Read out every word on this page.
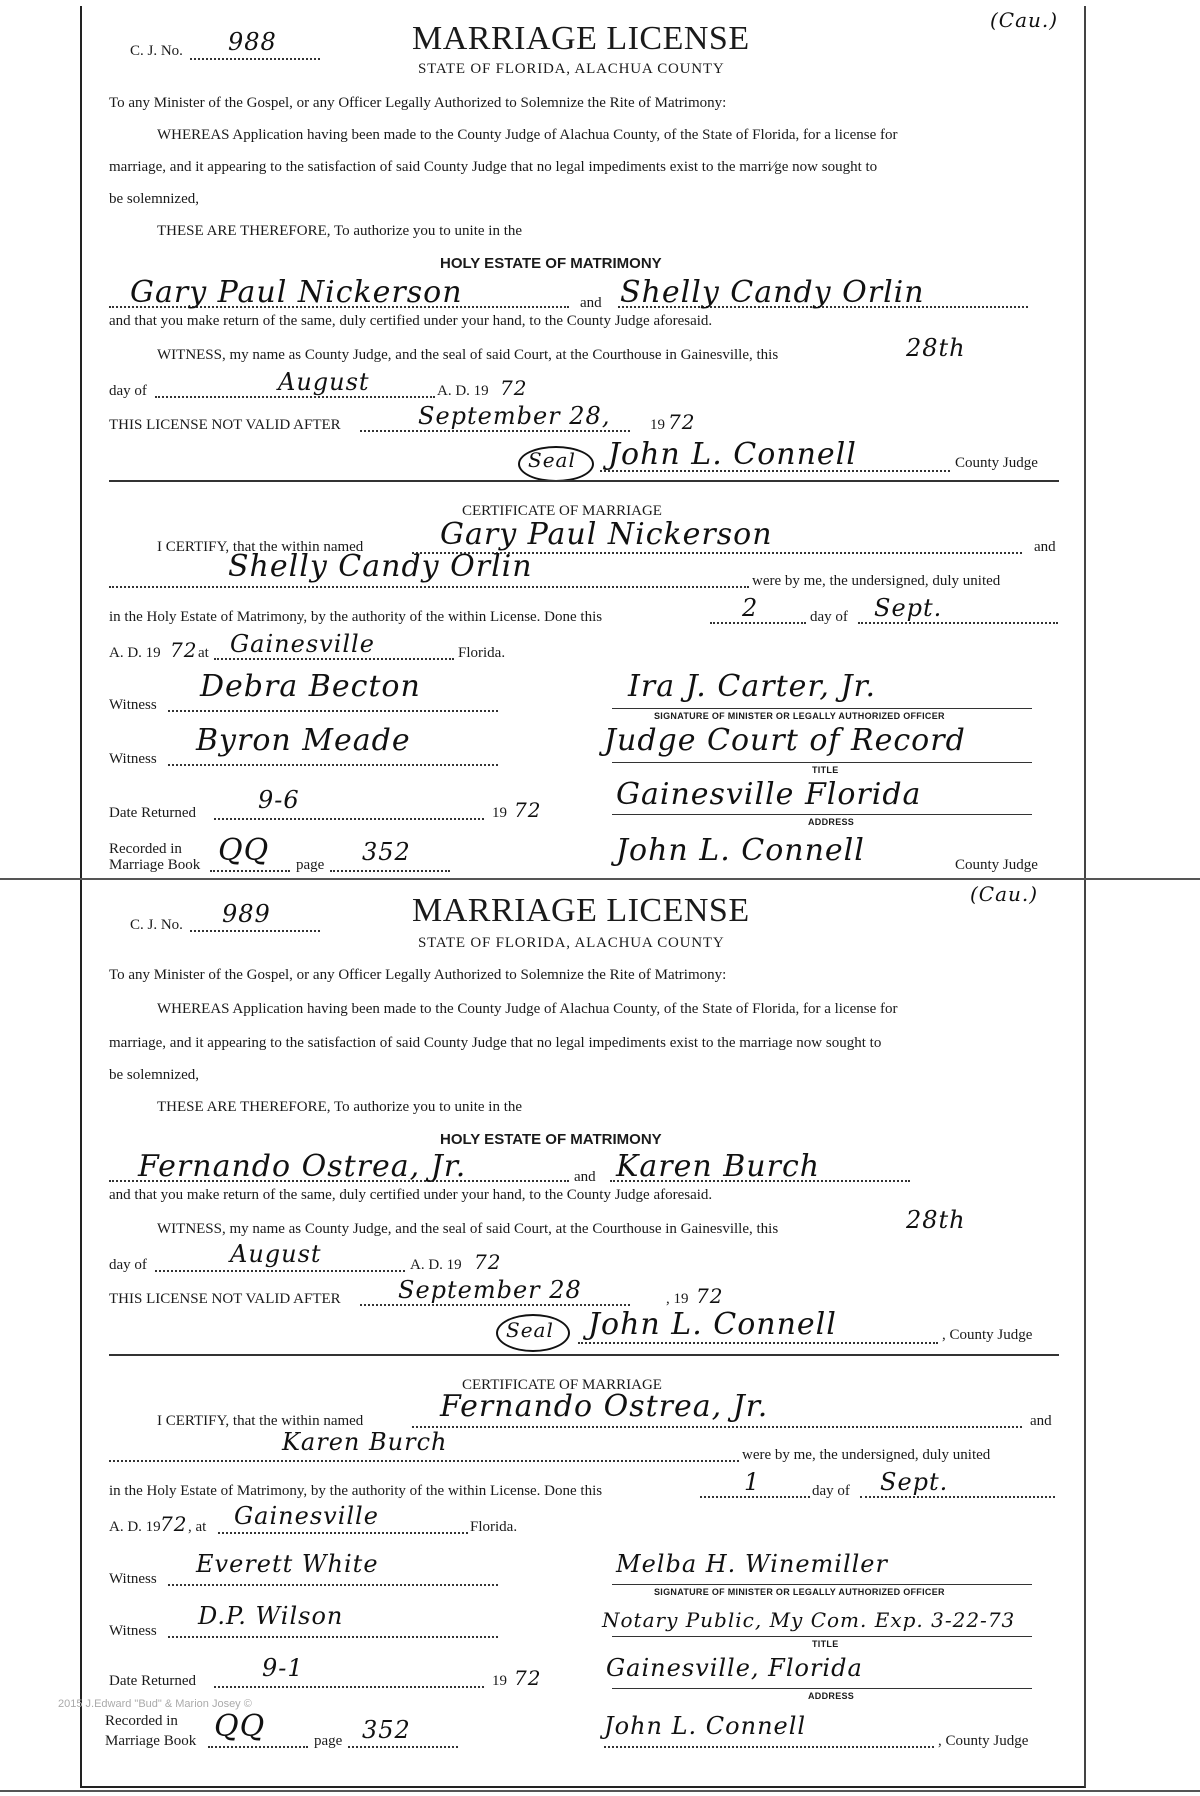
C. J. No. 988
(Cau.)
MARRIAGE LICENSE
STATE OF FLORIDA, ALACHUA COUNTY
To any Minister of the Gospel, or any Officer Legally Authorized to Solemnize the Rite of Matrimony:
WHEREAS Application having been made to the County Judge of Alachua County, of the State of Florida, for a license for
marriage, and it appearing to the satisfaction of said County Judge that no legal impediments exist to the marri⁄ge now sought to
be solemnized,
THESE ARE THEREFORE, To authorize you to unite in the
HOLY ESTATE OF MATRIMONY
Gary Paul Nickerson	and Shelly Candy Orlin
and that you make return of the same, duly certified under your hand, to the County Judge aforesaid.
WITNESS, my name as County Judge, and the seal of said Court, at the Courthouse in Gainesville, this	28th
day of	August	A. D. 19 72
THIS LICENSE NOT VALID AFTER	September 28,	19 72
Seal John L. Connell	County Judge
CERTIFICATE OF MARRIAGE
I CERTIFY, that the within named	Gary Paul Nickerson	and
Shelly Candy Orlin	were by me, the undersigned, duly united
in the Holy Estate of Matrimony, by the authority of the within License. Done this	2	day of Sept.
A. D. 19 72 at Gainesville	Florida.
Witness
Debra Becton	Ira J. Carter, Jr.
SIGNATURE OF MINISTER OR LEGALLY AUTHORIZED OFFICER
Witness
Byron Meade	Judge Court of Record
TITLE
Date Returned	9-6	19 72 Gainesville Florida
ADDRESS
Recorded in
Marriage Book QQ page 352	John L. Connell	County Judge
C. J. No. 989
(Cau.)
MARRIAGE LICENSE
STATE OF FLORIDA, ALACHUA COUNTY
To any Minister of the Gospel, or any Officer Legally Authorized to Solemnize the Rite of Matrimony:
WHEREAS Application having been made to the County Judge of Alachua County, of the State of Florida, for a license for
marriage, and it appearing to the satisfaction of said County Judge that no legal impediments exist to the marriage now sought to
be solemnized,
THESE ARE THEREFORE, To authorize you to unite in the
HOLY ESTATE OF MATRIMONY
Fernando Ostrea, Jr.	and Karen Burch
and that you make return of the same, duly certified under your hand, to the County Judge aforesaid.
WITNESS, my name as County Judge, and the seal of said Court, at the Courthouse in Gainesville, this	28th
day of	August	A. D. 19 72
THIS LICENSE NOT VALID AFTER September 28	, 19 72
Seal John L. Connell	, County Judge
CERTIFICATE OF MARRIAGE
I CERTIFY, that the within named	Fernando Ostrea, Jr.	and
Karen Burch	were by me, the undersigned, duly united
in the Holy Estate of Matrimony, by the authority of the within License. Done this	1	day of Sept.
A. D. 19 72 , at Gainesville	Florida.
Witness
Everett White	Melba H. Winemiller
SIGNATURE OF MINISTER OR LEGALLY AUTHORIZED OFFICER
Witness
D.P. Wilson	Notary Public, My Com. Exp. 3-22-73
TITLE
Date Returned	9-1	19 72	Gainesville, Florida
ADDRESS
2015 J.Edward "Bud" & Marion Josey ©
Recorded in
Marriage Book QQ	page 352	John L. Connell
, County Judge
